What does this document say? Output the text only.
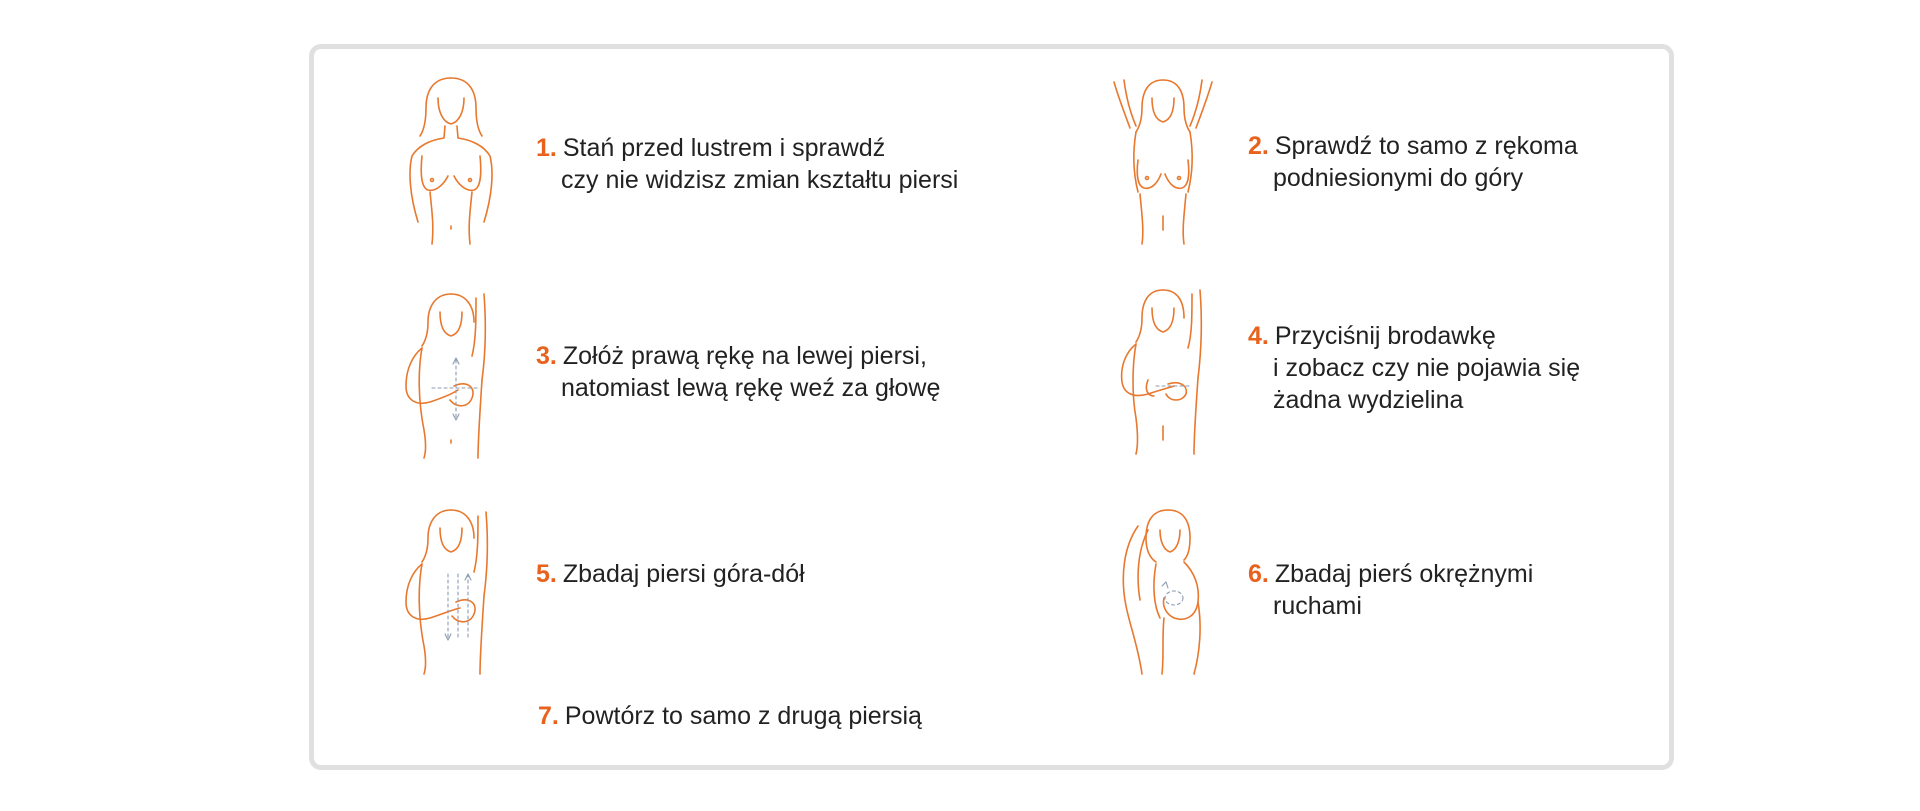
1. Stań przed lustrem i sprawdź
czy nie widzisz zmian kształtu piersi
2. Sprawdź to samo z rękoma
podniesionymi do góry
3. Zołóż prawą rękę na lewej piersi,
natomiast lewą rękę weź za głowę
4. Przyciśnij brodawkę
i zobacz czy nie pojawia się
żadna wydzielina
5. Zbadaj piersi góra-dół	6. Zbadaj pierś okrężnymi
ruchami
7. Powtórz to samo z drugą piersią
